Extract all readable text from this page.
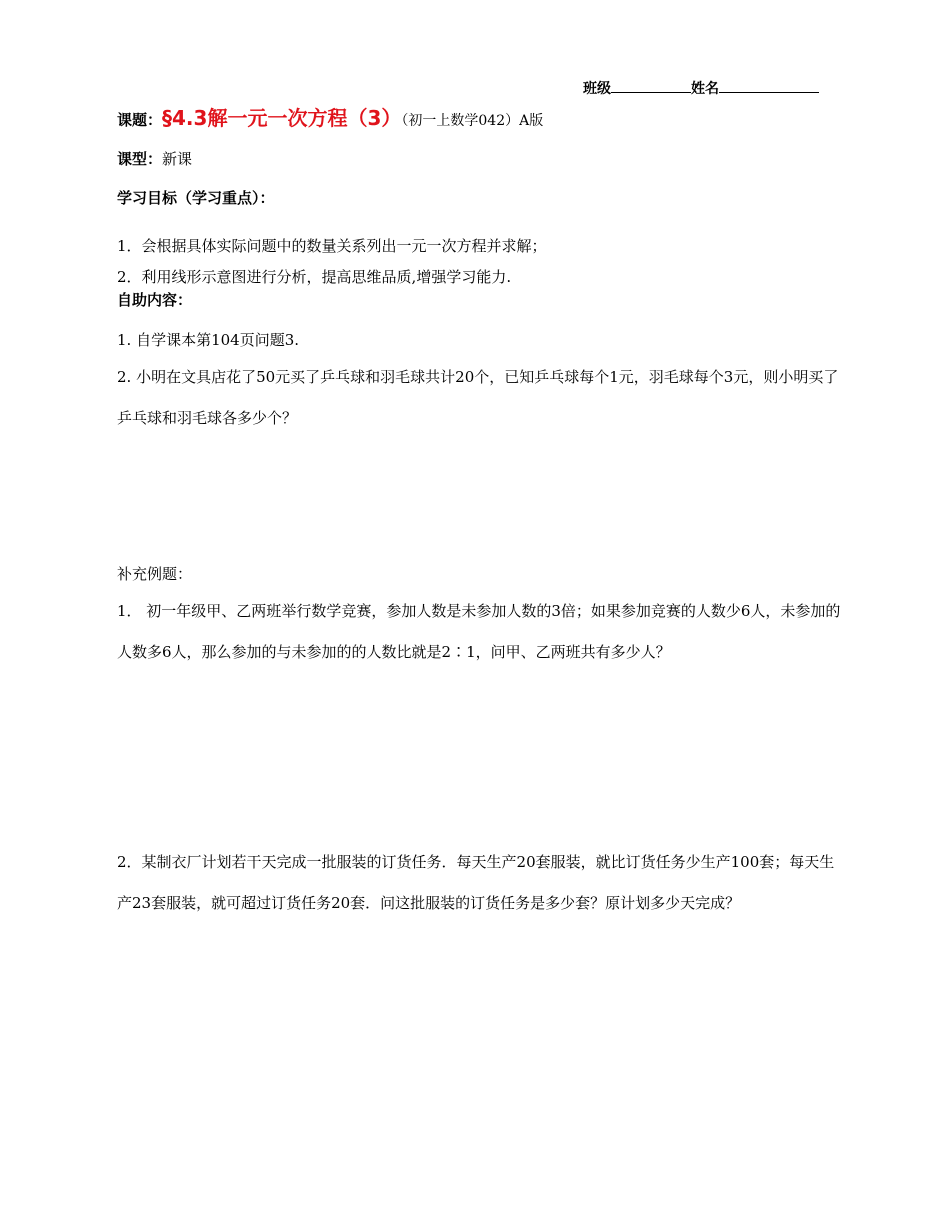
班级	姓名
课题：§4.3解一元一次方程（3）（初一上数学042）A版
课型：新课
学习目标（学习重点）：
1．会根据具体实际问题中的数量关系列出一元一次方程并求解；
2．利用线形示意图进行分析，提高思维品质,增强学习能力.
自助内容：
1. 自学课本第104页问题3.
2. 小明在文具店花了50元买了乒乓球和羽毛球共计20个，已知乒乓球每个1元，羽毛球每个3元，则小明买了乒乓球和羽毛球各多少个？
补充例题：
1． 初一年级甲、乙两班举行数学竞赛，参加人数是未参加人数的3倍；如果参加竞赛的人数少6人，未参加的人数多6人，那么参加的与未参加的的人数比就是2∶1，问甲、乙两班共有多少人？
2．某制衣厂计划若干天完成一批服装的订货任务．每天生产20套服装，就比订货任务少生产100套；每天生产23套服装，就可超过订货任务20套．问这批服装的订货任务是多少套？原计划多少天完成？
